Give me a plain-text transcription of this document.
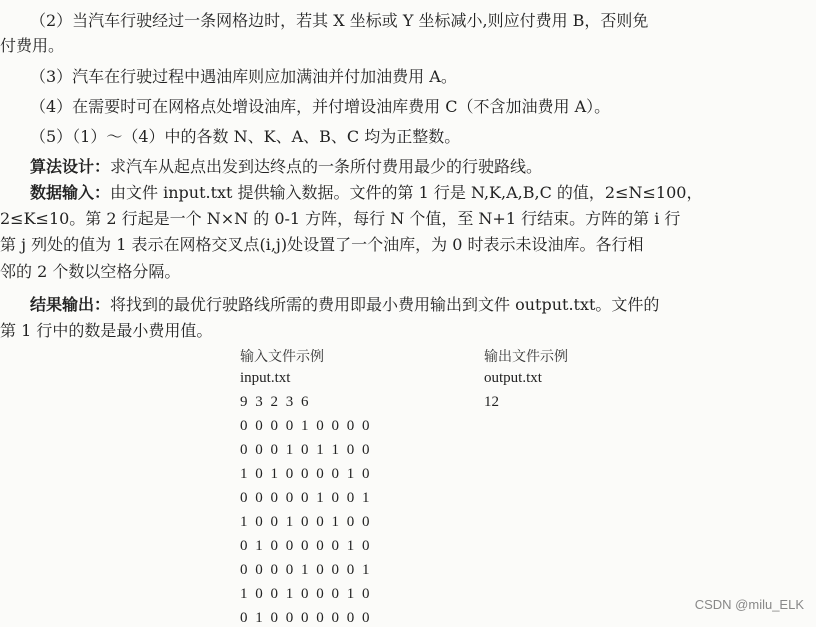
（2）当汽车行驶经过一条网格边时，若其 X 坐标或 Y 坐标减小,则应付费用 B，否则免
付费用。
（3）汽车在行驶过程中遇油库则应加满油并付加油费用 A。
（4）在需要时可在网格点处增设油库，并付增设油库费用 C（不含加油费用 A）。
（5）（1）～（4）中的各数 N、K、A、B、C 均为正整数。
算法设计：求汽车从起点出发到达终点的一条所付费用最少的行驶路线。
数据输入：由文件 input.txt 提供输入数据。文件的第 1 行是 N,K,A,B,C 的值，2≤N≤100，
2≤K≤10。第 2 行起是一个 N×N 的 0-1 方阵，每行 N 个值，至 N+1 行结束。方阵的第 i 行
第 j 列处的值为 1 表示在网格交叉点(i,j)处设置了一个油库，为 0 时表示未设油库。各行相
邻的 2 个数以空格分隔。
结果输出：将找到的最优行驶路线所需的费用即最小费用输出到文件 output.txt。文件的
第 1 行中的数是最小费用值。
输入文件示例
input.txt
9 3 2 3 6
0 0 0 0 1 0 0 0 0
0 0 0 1 0 1 1 0 0
1 0 1 0 0 0 0 1 0
0 0 0 0 0 1 0 0 1
1 0 0 1 0 0 1 0 0
0 1 0 0 0 0 0 1 0
0 0 0 0 1 0 0 0 1
1 0 0 1 0 0 0 1 0
0 1 0 0 0 0 0 0 0
输出文件示例
output.txt
12
CSDN @milu_ELK
